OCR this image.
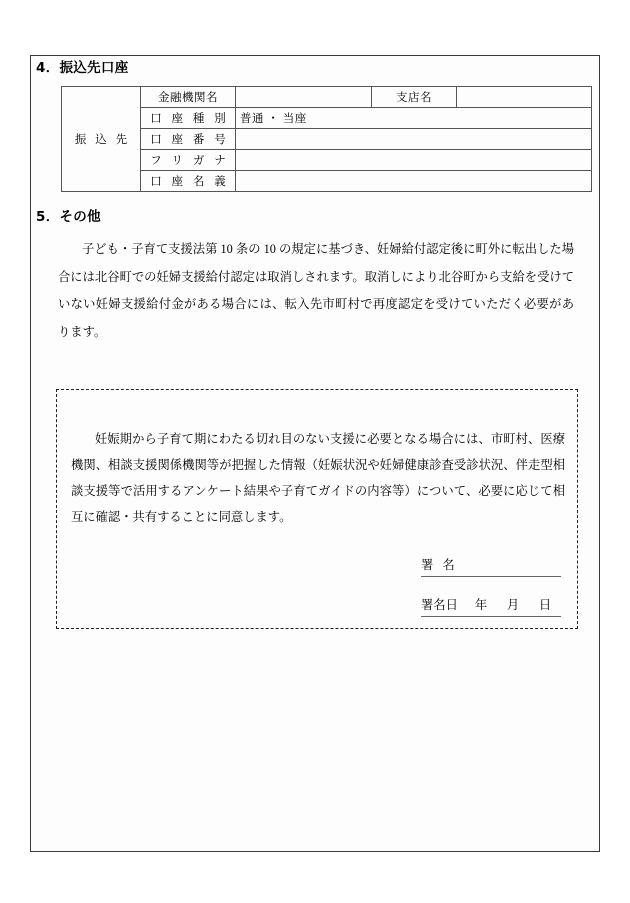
4．振込先口座
振 込 先	金融機関名		支店名	
	口 座 種 別	普通 ・ 当座		
	口 座 番 号			
	フ リ ガ ナ			
	口 座 名 義			
5．その他
子ども・子育て支援法第 10 条の 10 の規定に基づき、妊婦給付認定後に町外に転出した場合には北谷町での妊婦支援給付認定は取消しされます。取消しにより北谷町から支給を受けていない妊婦支援給付金がある場合には、転入先市町村で再度認定を受けていただく必要があります。
妊娠期から子育て期にわたる切れ目のない支援に必要となる場合には、市町村、医療機関、相談支援関係機関等が把握した情報（妊娠状況や妊婦健康診査受診状況、伴走型相談支援等で活用するアンケート結果や子育てガイドの内容等）について、必要に応じて相互に確認・共有することに同意します。
署 名
署名日	年	月	日
